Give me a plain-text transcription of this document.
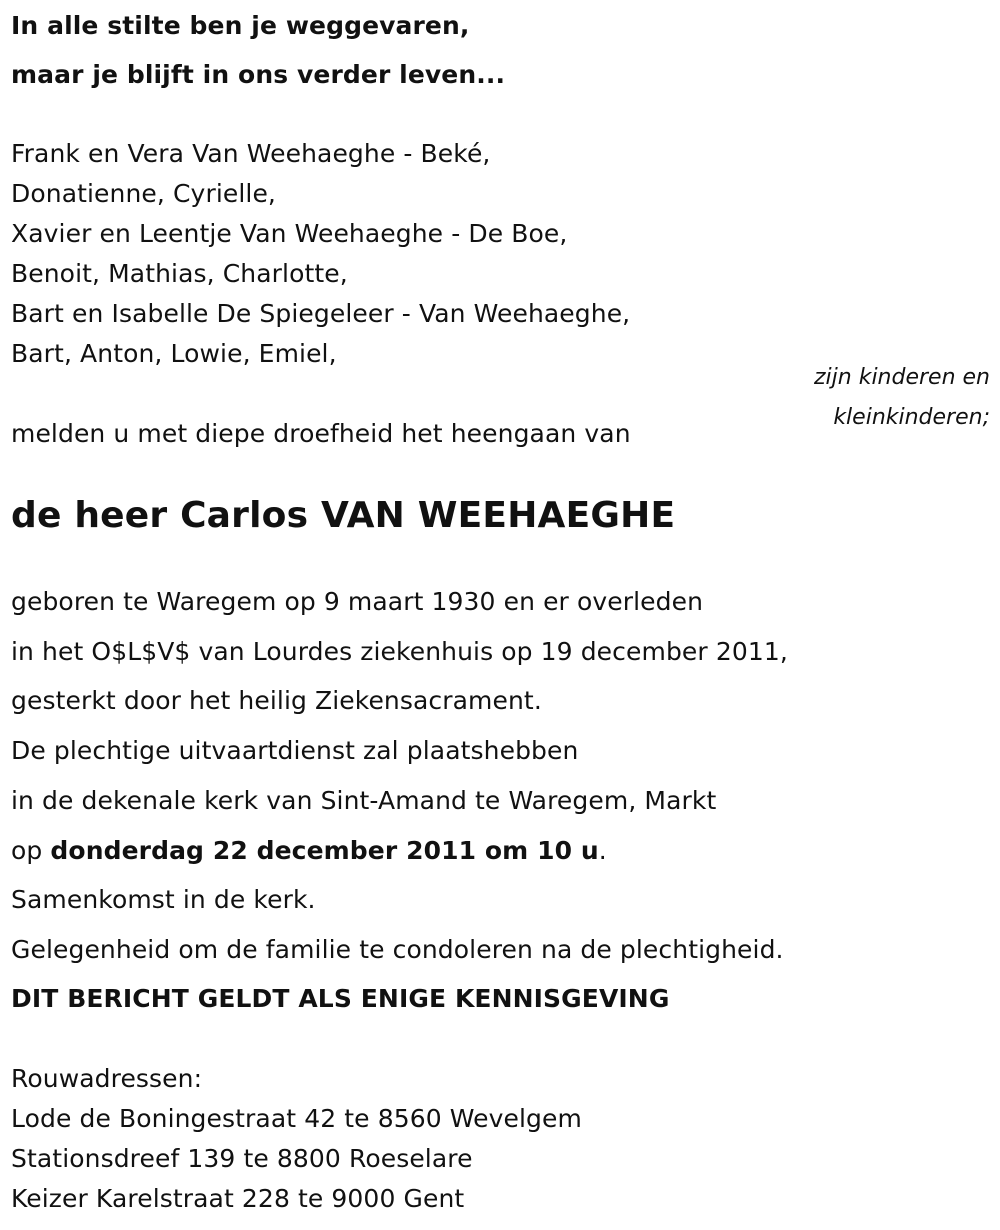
In alle stilte ben je weggevaren,
maar je blijft in ons verder leven...
Frank en Vera Van Weehaeghe - Beké,
Donatienne, Cyrielle,
Xavier en Leentje Van Weehaeghe - De Boe,
Benoit, Mathias, Charlotte,
Bart en Isabelle De Spiegeleer - Van Weehaeghe,
Bart, Anton, Lowie, Emiel,
zijn kinderen en
kleinkinderen;
melden u met diepe droefheid het heengaan van
de heer Carlos VAN WEEHAEGHE
geboren te Waregem op 9 maart 1930 en er overleden
in het O$L$V$ van Lourdes ziekenhuis op 19 december 2011,
gesterkt door het heilig Ziekensacrament.
De plechtige uitvaartdienst zal plaatshebben
in de dekenale kerk van Sint-Amand te Waregem, Markt
op donderdag 22 december 2011 om 10 u.
Samenkomst in de kerk.
Gelegenheid om de familie te condoleren na de plechtigheid.
DIT BERICHT GELDT ALS ENIGE KENNISGEVING
Rouwadressen:
Lode de Boningestraat 42 te 8560 Wevelgem
Stationsdreef 139 te 8800 Roeselare
Keizer Karelstraat 228 te 9000 Gent
